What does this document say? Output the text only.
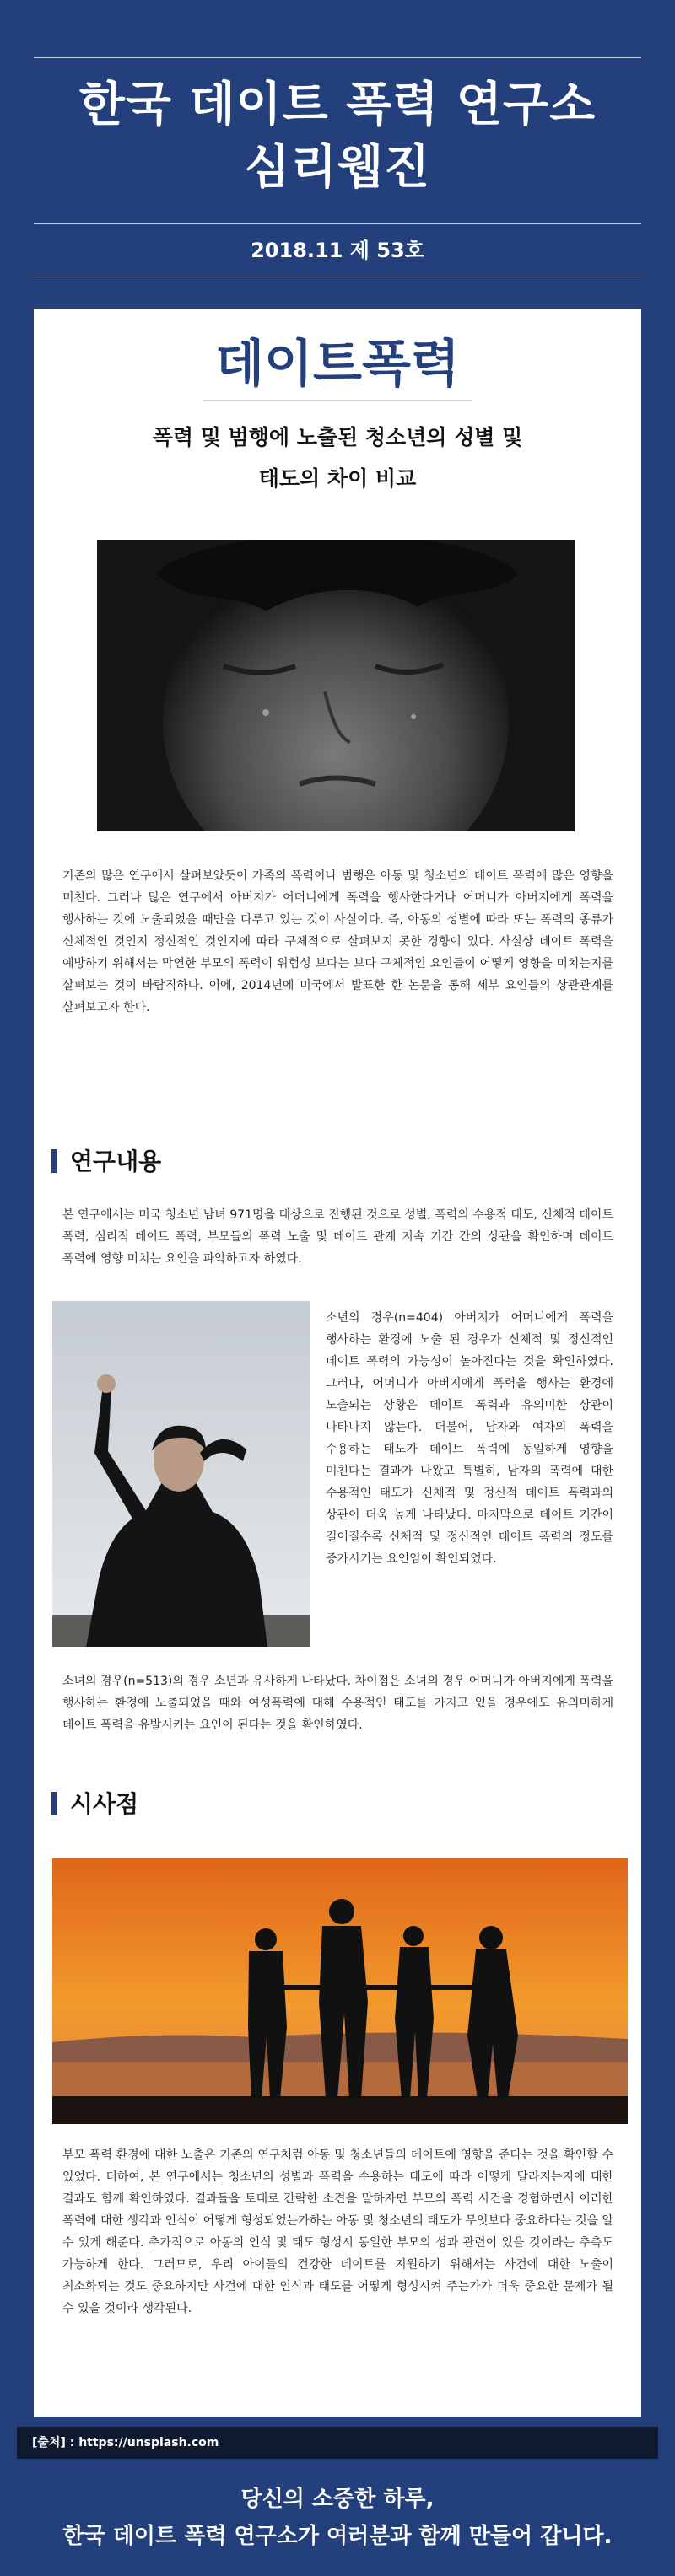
한국 데이트 폭력 연구소
심리웹진
2018.11 제 53호
데이트폭력
폭력 및 범행에 노출된 청소년의 성별 및
태도의 차이 비교

기존의 많은 연구에서 살펴보았듯이 가족의 폭력이나 범행은 아동 및 청소년의 데이트 폭력에 많은 영향을 미친다. 그러나 많은 연구에서 아버지가 어머니에게 폭력을 행사한다거나 어머니가 아버지에게 폭력을 행사하는 것에 노출되었을 때만을 다루고 있는 것이 사실이다. 즉, 아동의 성별에 따라 또는 폭력의 종류가 신체적인 것인지 정신적인 것인지에 따라 구체적으로 살펴보지 못한 경향이 있다. 사실상 데이트 폭력을 예방하기 위해서는 막연한 부모의 폭력이 위험성 보다는 보다 구체적인 요인들이 어떻게 영향을 미치는지를 살펴보는 것이 바람직하다. 이에, 2014년에 미국에서 발표한 한 논문을 통해 세부 요인들의 상관관계를 살펴보고자 한다.

연구내용

본 연구에서는 미국 청소년 남녀 971명을 대상으로 진행된 것으로 성별, 폭력의 수용적 태도, 신체적 데이트 폭력, 심리적 데이트 폭력, 부모들의 폭력 노출 및 데이트 관계 지속 기간 간의 상관을 확인하며 데이트 폭력에 영향 미치는 요인을 파악하고자 하였다.

소년의 경우(n=404) 아버지가 어머니에게 폭력을 행사하는 환경에 노출 된 경우가 신체적 및 정신적인 데이트 폭력의 가능성이 높아진다는 것을 확인하였다. 그러나, 어머니가 아버지에게 폭력을 행사는 환경에 노출되는 상황은 데이트 폭력과 유의미한 상관이 나타나지 않는다. 더불어, 남자와 여자의 폭력을 수용하는 태도가 데이트 폭력에 동일하게 영향을 미친다는 결과가 나왔고 특별히, 남자의 폭력에 대한 수용적인 태도가 신체적 및 정신적 데이트 폭력과의 상관이 더욱 높게 나타났다. 마지막으로 데이트 기간이 길어질수록 신체적 및 정신적인 데이트 폭력의 정도를 증가시키는 요인임이 확인되었다.

소녀의 경우(n=513)의 경우 소년과 유사하게 나타났다. 차이점은 소녀의 경우 어머니가 아버지에게 폭력을 행사하는 환경에 노출되었을 때와 여성폭력에 대해 수용적인 태도를 가지고 있을 경우에도 유의미하게 데이트 폭력을 유발시키는 요인이 된다는 것을 확인하였다.

시사점

부모 폭력 환경에 대한 노출은 기존의 연구처럼 아동 및 청소년들의 데이트에 영향을 준다는 것을 확인할 수 있었다. 더하여, 본 연구에서는 청소년의 성별과 폭력을 수용하는 태도에 따라 어떻게 달라지는지에 대한 결과도 함께 확인하였다. 결과들을 토대로 간략한 소견을 말하자면 부모의 폭력 사건을 경험하면서 이러한 폭력에 대한 생각과 인식이 어떻게 형성되었는가하는 아동 및 청소년의 태도가 무엇보다 중요하다는 것을 알 수 있게 해준다. 추가적으로 아동의 인식 및 태도 형성시 동일한 부모의 성과 관련이 있을 것이라는 추측도 가능하게 한다. 그러므로, 우리 아이들의 건강한 데이트를 지원하기 위해서는 사건에 대한 노출이 최소화되는 것도 중요하지만 사건에 대한 인식과 태도를 어떻게 형성시켜 주는가가 더욱 중요한 문제가 될 수 있을 것이라 생각된다.

[출처] : https://unsplash.com
당신의 소중한 하루,
한국 데이트 폭력 연구소가 여러분과 함께 만들어 갑니다.
